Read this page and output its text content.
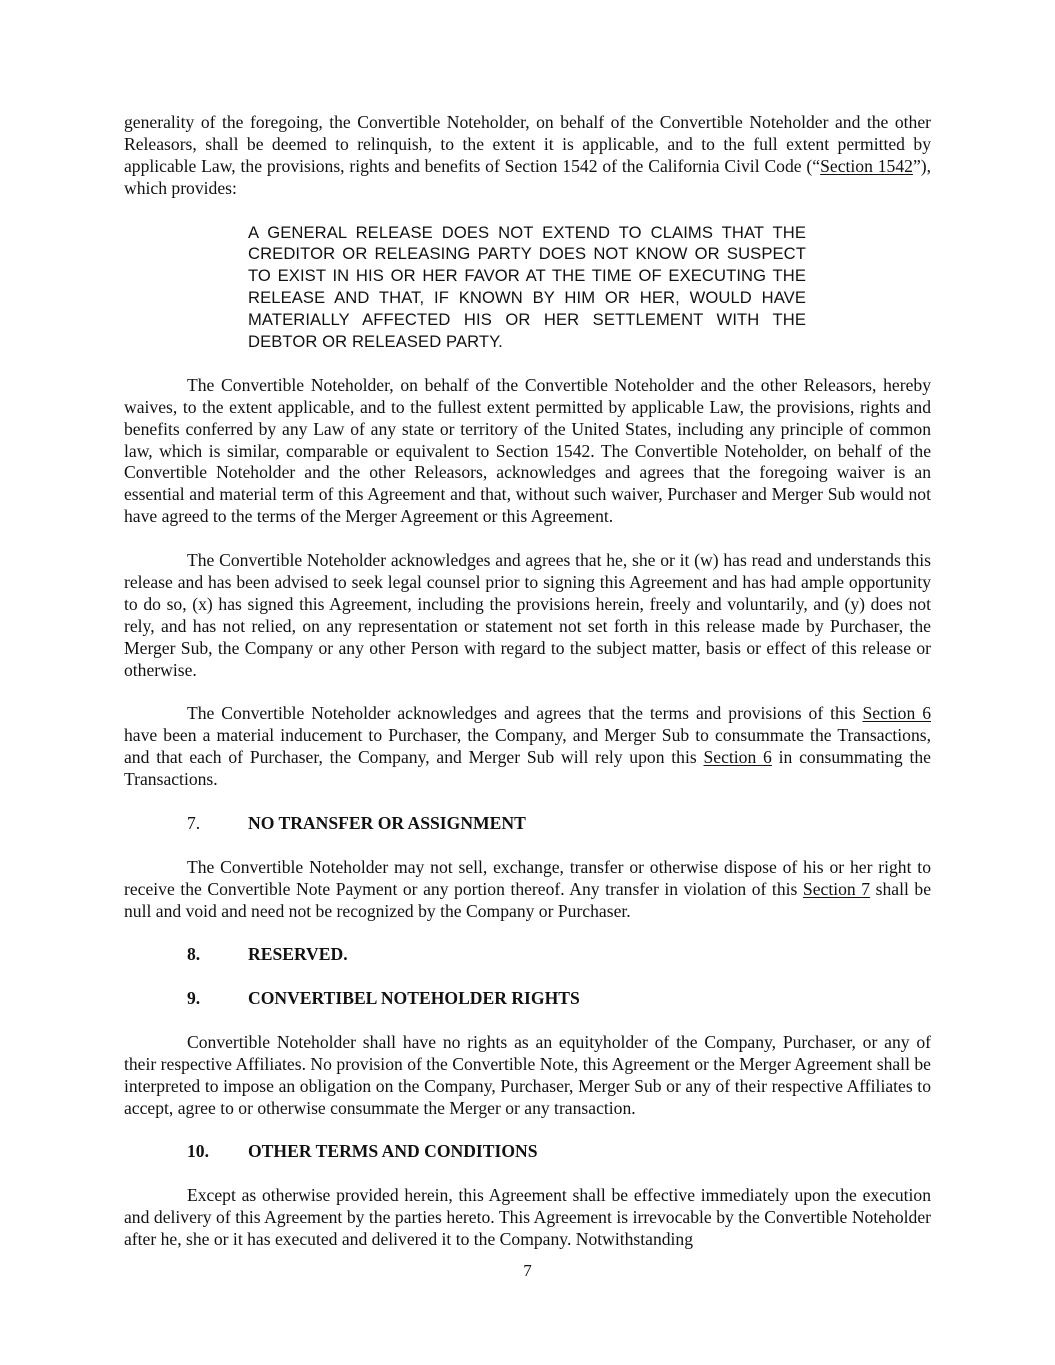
generality of the foregoing, the Convertible Noteholder, on behalf of the Convertible Noteholder and the other Releasors, shall be deemed to relinquish, to the extent it is applicable, and to the full extent permitted by applicable Law, the provisions, rights and benefits of Section 1542 of the California Civil Code (“Section 1542”), which provides:

A GENERAL RELEASE DOES NOT EXTEND TO CLAIMS THAT THE CREDITOR OR RELEASING PARTY DOES NOT KNOW OR SUSPECT TO EXIST IN HIS OR HER FAVOR AT THE TIME OF EXECUTING THE RELEASE AND THAT, IF KNOWN BY HIM OR HER, WOULD HAVE MATERIALLY AFFECTED HIS OR HER SETTLEMENT WITH THE DEBTOR OR RELEASED PARTY.

The Convertible Noteholder, on behalf of the Convertible Noteholder and the other Releasors, hereby waives, to the extent applicable, and to the fullest extent permitted by applicable Law, the provisions, rights and benefits conferred by any Law of any state or territory of the United States, including any principle of common law, which is similar, comparable or equivalent to Section 1542. The Convertible Noteholder, on behalf of the Convertible Noteholder and the other Releasors, acknowledges and agrees that the foregoing waiver is an essential and material term of this Agreement and that, without such waiver, Purchaser and Merger Sub would not have agreed to the terms of the Merger Agreement or this Agreement.

The Convertible Noteholder acknowledges and agrees that he, she or it (w) has read and understands this release and has been advised to seek legal counsel prior to signing this Agreement and has had ample opportunity to do so, (x) has signed this Agreement, including the provisions herein, freely and voluntarily, and (y) does not rely, and has not relied, on any representation or statement not set forth in this release made by Purchaser, the Merger Sub, the Company or any other Person with regard to the subject matter, basis or effect of this release or otherwise.

The Convertible Noteholder acknowledges and agrees that the terms and provisions of this Section 6 have been a material inducement to Purchaser, the Company, and Merger Sub to consummate the Transactions, and that each of Purchaser, the Company, and Merger Sub will rely upon this Section 6 in consummating the Transactions.

7.	NO TRANSFER OR ASSIGNMENT

The Convertible Noteholder may not sell, exchange, transfer or otherwise dispose of his or her right to receive the Convertible Note Payment or any portion thereof. Any transfer in violation of this Section 7 shall be null and void and need not be recognized by the Company or Purchaser.

8.	RESERVED.
9.	CONVERTIBEL NOTEHOLDER RIGHTS

Convertible Noteholder shall have no rights as an equityholder of the Company, Purchaser, or any of their respective Affiliates. No provision of the Convertible Note, this Agreement or the Merger Agreement shall be interpreted to impose an obligation on the Company, Purchaser, Merger Sub or any of their respective Affiliates to accept, agree to or otherwise consummate the Merger or any transaction.

10. OTHER TERMS AND CONDITIONS

Except as otherwise provided herein, this Agreement shall be effective immediately upon the execution and delivery of this Agreement by the parties hereto. This Agreement is irrevocable by the Convertible Noteholder after he, she or it has executed and delivered it to the Company. Notwithstanding

7
